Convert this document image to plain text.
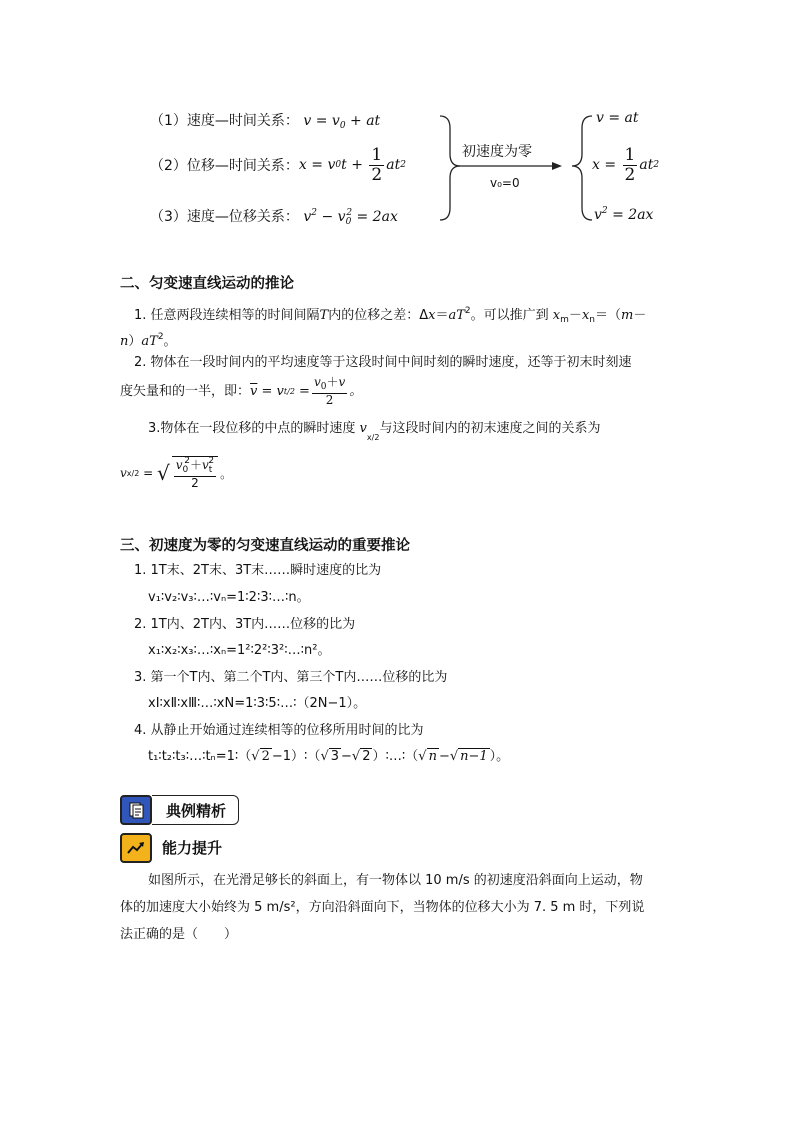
（1）速度—时间关系： $v = v_0$ + at
（2）位移—时间关系： x = v 0 $t + \frac{1}{2}$ at 2
（3）速度—位移关系： $v^2 - v_0^2 = 2ax$
初速度为零
v₀=0
v = at
$x = \frac{1}{2}$ at 2
$v^2 = 2ax$
二、匀变速直线运动的推论
1. 任意两段连续相等的时间间隔T内的位移之差：$\Delta x=aT^2$。可以推广到 $x_m-x_n=(m-$
$n)aT^2$。
2. 物体在一段时间内的平均速度等于这段时间中间时刻的瞬时速度，还等于初末时刻速
度矢量和的一半，即： $\overline{v}$
= v t/2
= $\frac{v_0+v}{2}$ 。
3.物体在一段位移的中点的瞬时速度 $v_{x/2}$与这段时间内的初末速度之间的关系为
v x/2 = √ $\frac{v_0^2+v_t^2}{2}$ 。
三、初速度为零的匀变速直线运动的重要推论
1. 1T末、2T末、3T末……瞬时速度的比为
v₁∶v₂∶v₃∶…∶vₙ=1∶2∶3∶…∶n。
2. 1T内、2T内、3T内……位移的比为
x₁∶x₂∶x₃∶…∶xₙ=1²∶2²∶3²∶…∶n²。
3. 第一个T内、第二个T内、第三个T内……位移的比为
xⅠ∶xⅡ∶xⅢ∶…∶xN=1∶3∶5∶…∶（2N−1）。
4. 从静止开始通过连续相等的位移所用时间的比为
t₁∶t₂∶t₃∶…∶tₙ=1∶（√ 2 −1）∶（√ 3 −√ 2 ）∶…∶（√ n −√ n−1 ）。
典例精析
能力提升
如图所示，在光滑足够长的斜面上，有一物体以 10 m/s 的初速度沿斜面向上运动，物
体的加速度大小始终为 5 m/s²，方向沿斜面向下，当物体的位移大小为 7. 5 m 时，下列说
法正确的是（　　）
